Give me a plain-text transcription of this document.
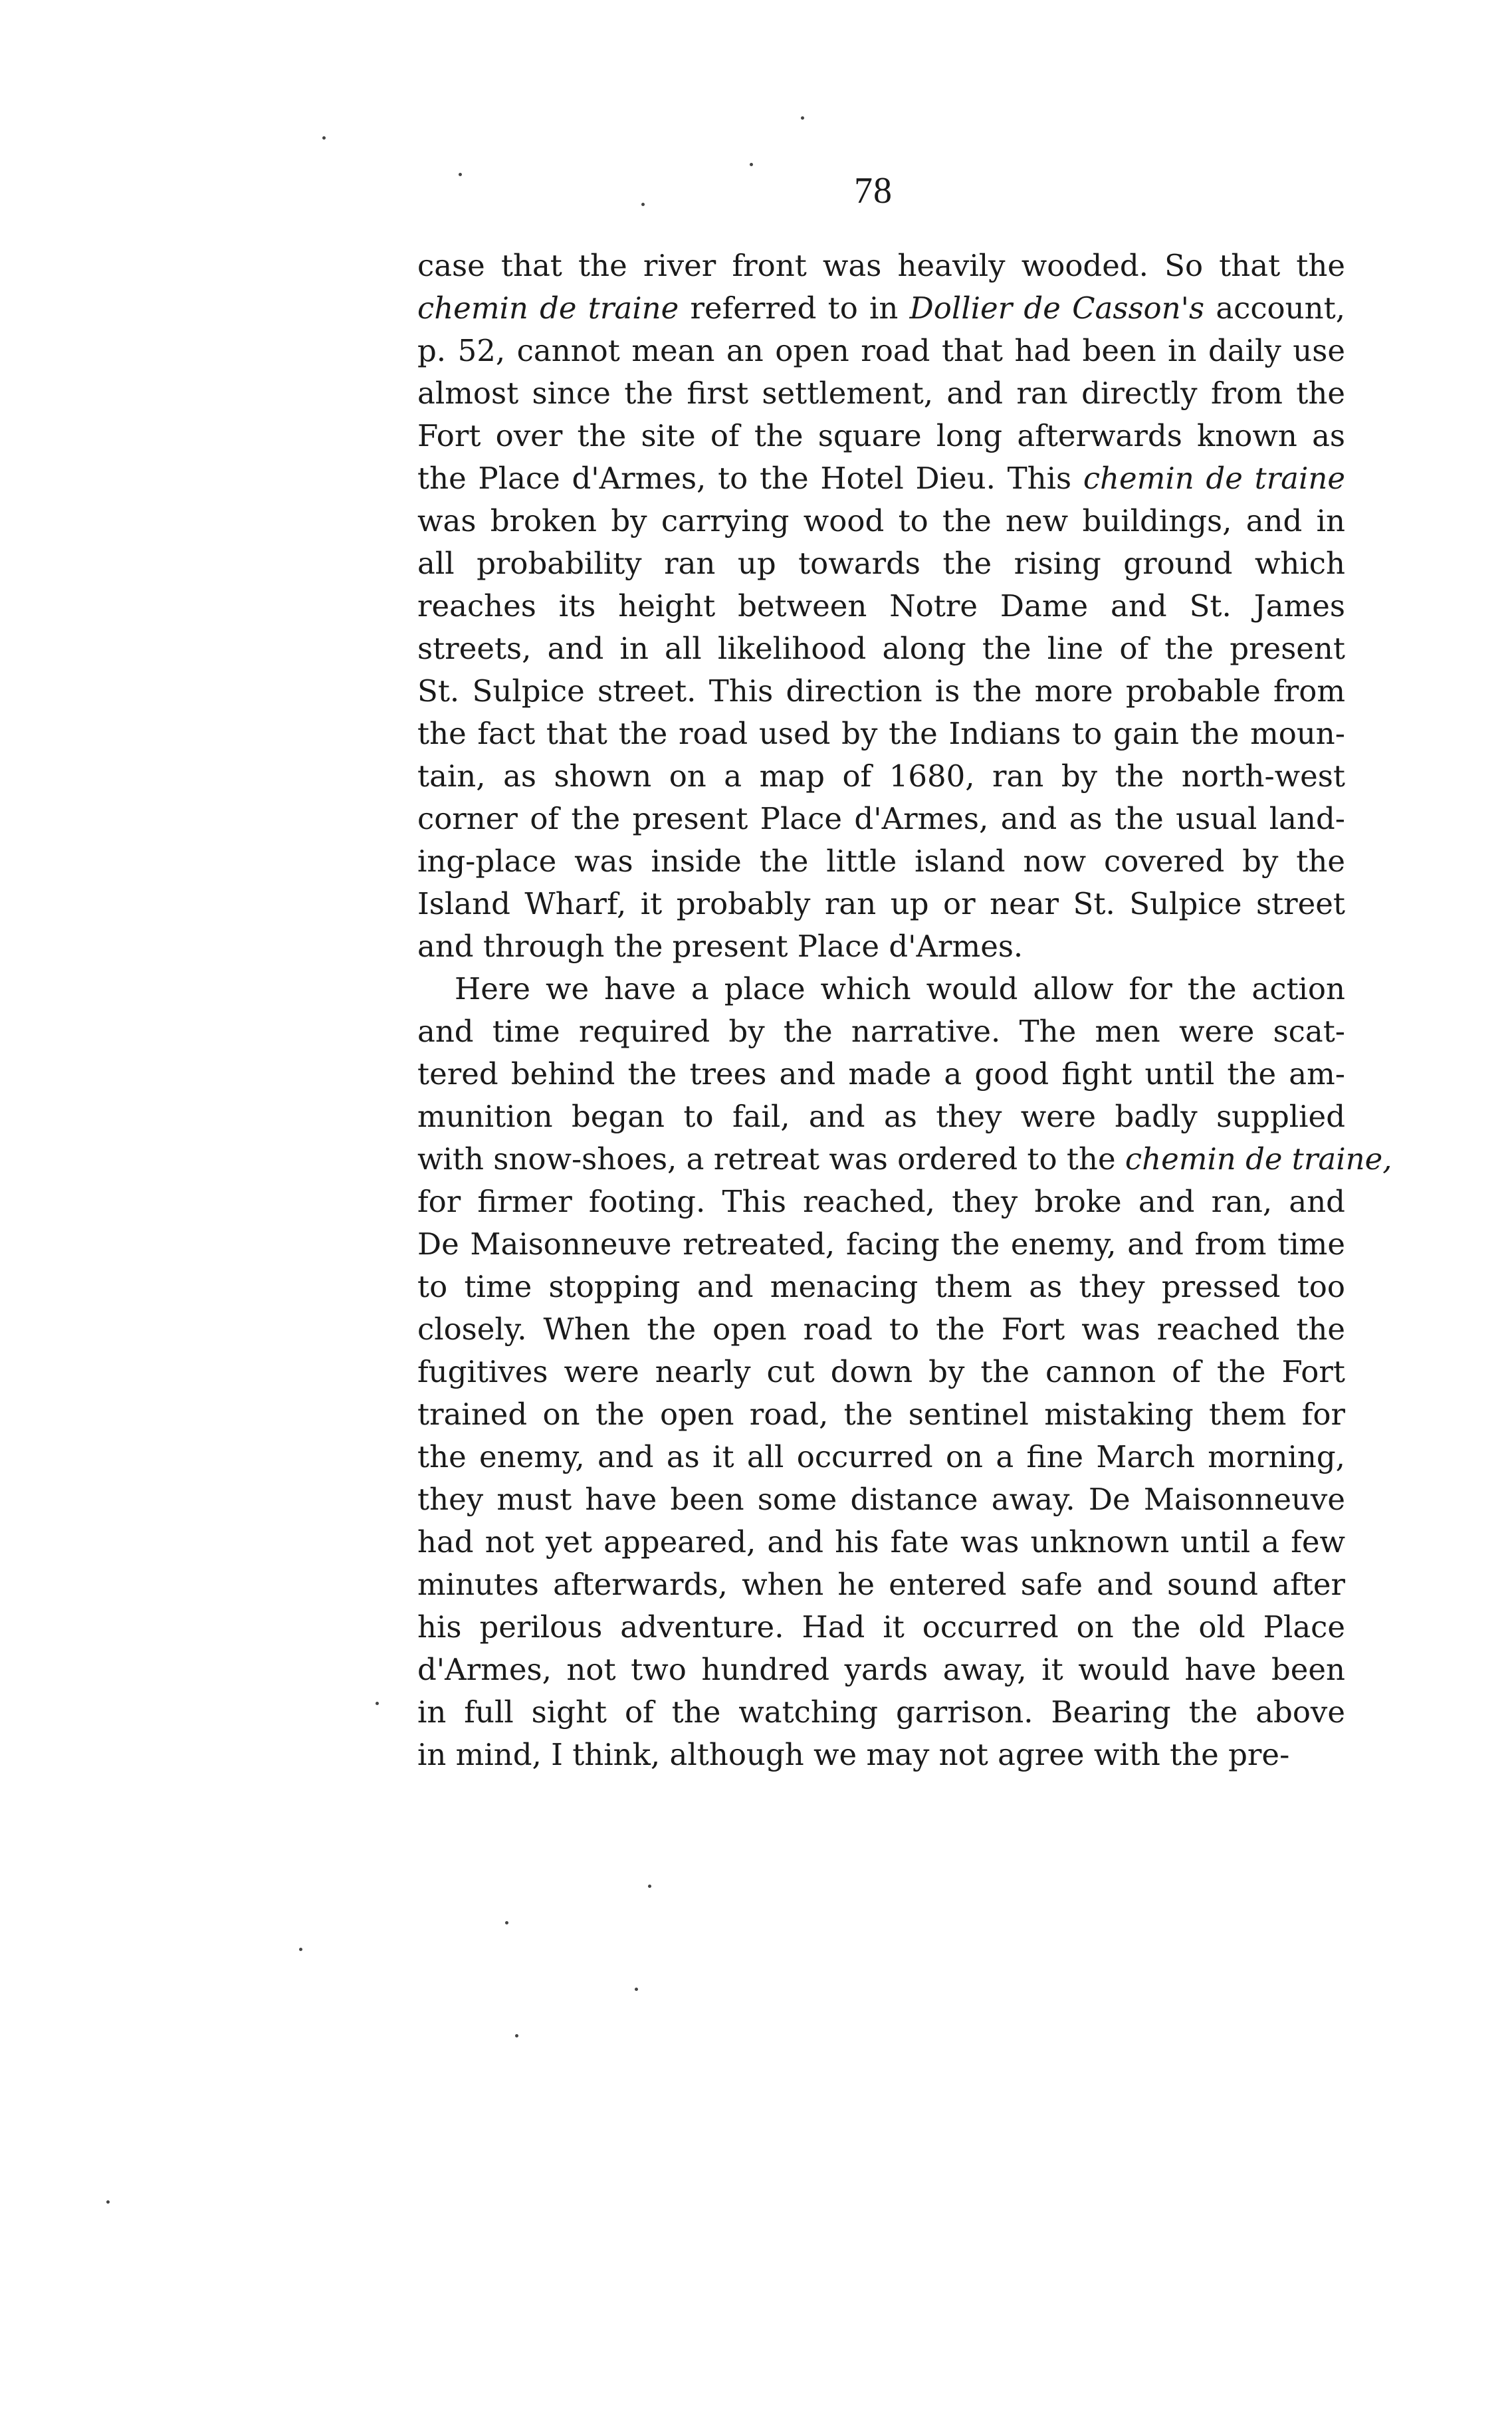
78
case that the river front was heavily wooded. So that the
chemin de traine referred to in Dollier de Casson's account,
p. 52, cannot mean an open road that had been in daily use
almost since the first settlement, and ran directly from the
Fort over the site of the square long afterwards known as
the Place d'Armes, to the Hotel Dieu. This chemin de traine
was broken by carrying wood to the new buildings, and in
all probability ran up towards the rising ground which
reaches its height between Notre Dame and St. James
streets, and in all likelihood along the line of the present
St. Sulpice street. This direction is the more probable from
the fact that the road used by the Indians to gain the moun-
tain, as shown on a map of 1680, ran by the north-west
corner of the present Place d'Armes, and as the usual land-
ing-place was inside the little island now covered by the
Island Wharf, it probably ran up or near St. Sulpice street
and through the present Place d'Armes.
Here we have a place which would allow for the action
and time required by the narrative. The men were scat-
tered behind the trees and made a good fight until the am-
munition began to fail, and as they were badly supplied
with snow-shoes, a retreat was ordered to the chemin de traine,
for firmer footing. This reached, they broke and ran, and
De Maisonneuve retreated, facing the enemy, and from time
to time stopping and menacing them as they pressed too
closely. When the open road to the Fort was reached the
fugitives were nearly cut down by the cannon of the Fort
trained on the open road, the sentinel mistaking them for
the enemy, and as it all occurred on a fine March morning,
they must have been some distance away. De Maisonneuve
had not yet appeared, and his fate was unknown until a few
minutes afterwards, when he entered safe and sound after
his perilous adventure. Had it occurred on the old Place
d'Armes, not two hundred yards away, it would have been
in full sight of the watching garrison. Bearing the above
in mind, I think, although we may not agree with the pre-
